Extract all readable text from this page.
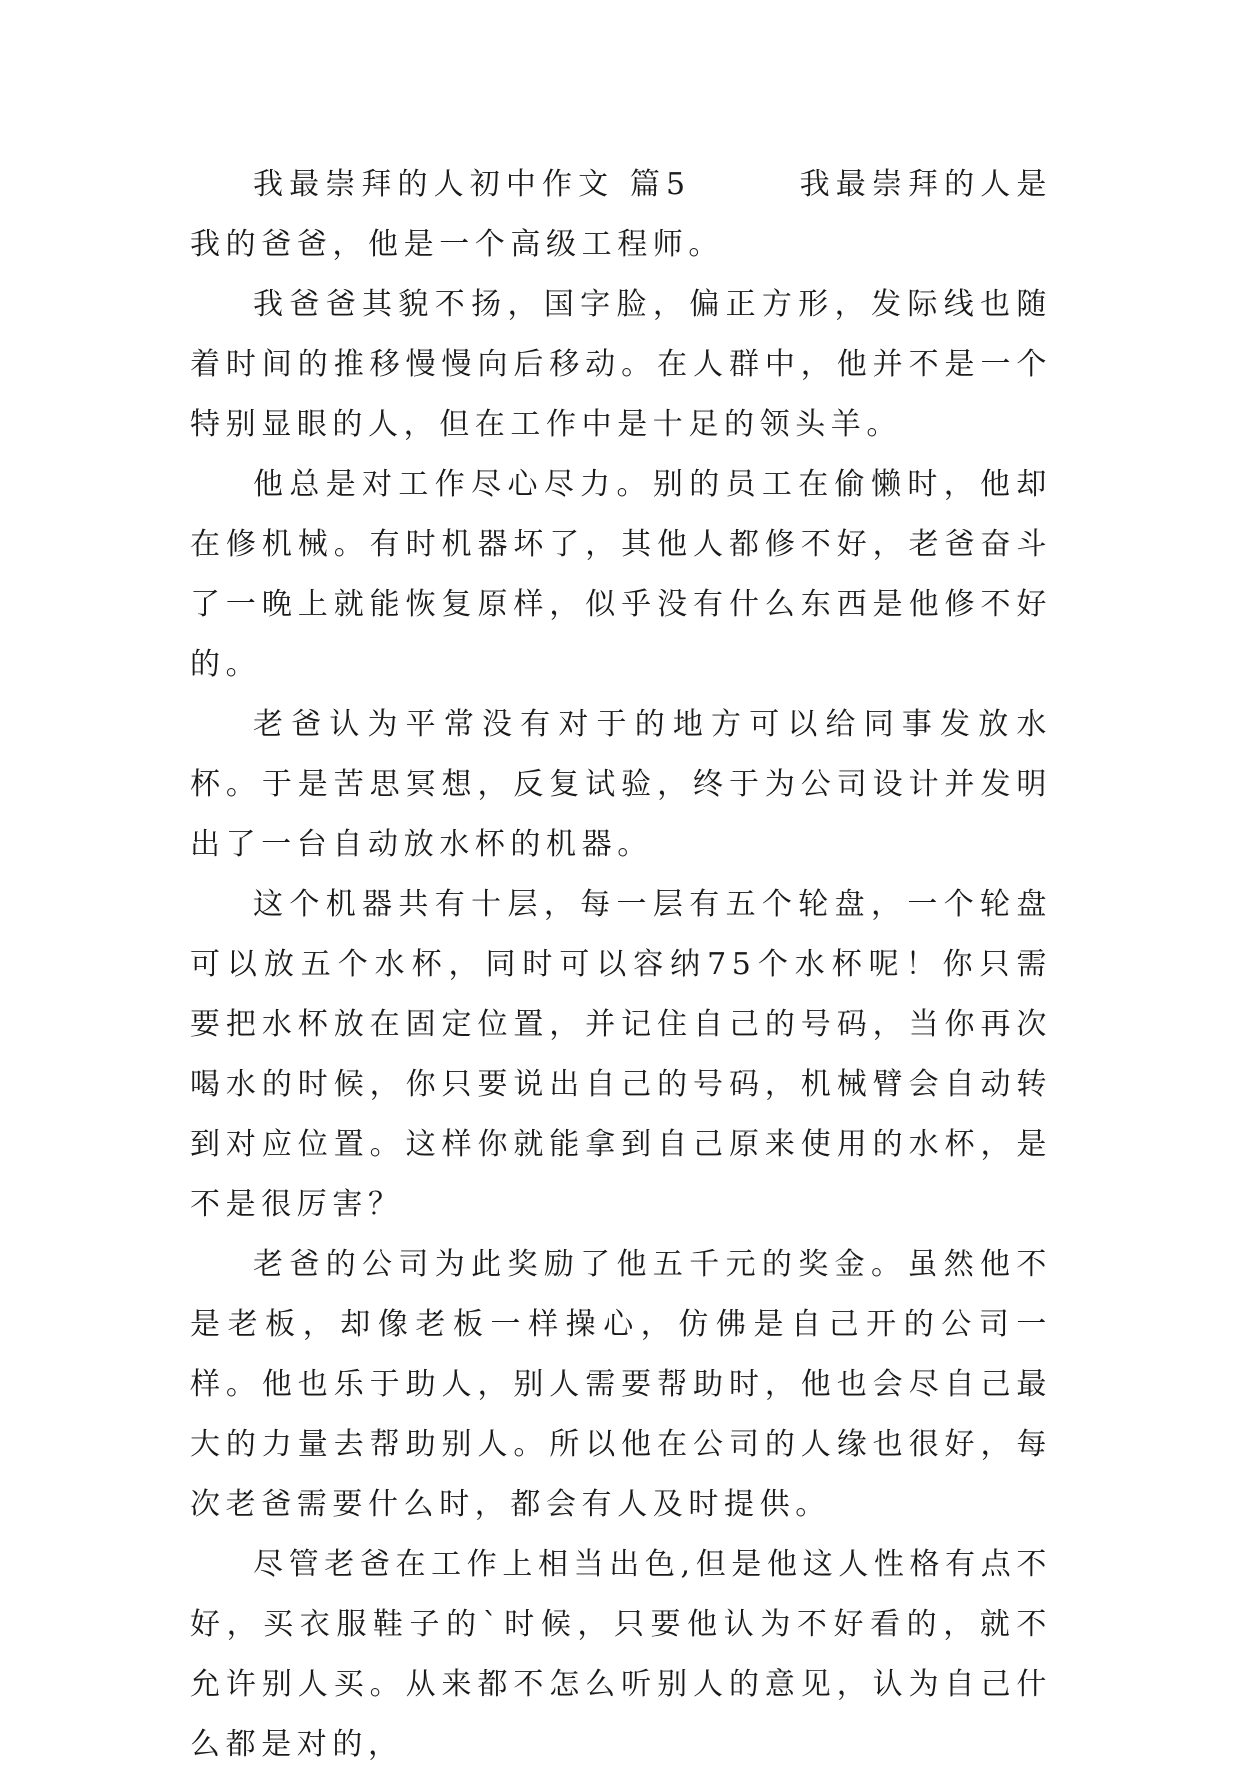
我最崇拜的人初中作文 篇5　　　	我最崇拜的人是我的爸爸，他是一个高级工程师。

我爸爸其貌不扬，国字脸，偏正方形，发际线也随着时间的推移慢慢向后移动。在人群中，他并不是一个特别显眼的人，但在工作中是十足的领头羊。

他总是对工作尽心尽力。别的员工在偷懒时，他却在修机械。有时机器坏了，其他人都修不好，老爸奋斗了一晚上就能恢复原样，似乎没有什么东西是他修不好的。

老爸认为平常没有对于的地方可以给同事发放水杯。于是苦思冥想，反复试验，终于为公司设计并发明出了一台自动放水杯的机器。

这个机器共有十层，每一层有五个轮盘，一个轮盘可以放五个水杯，同时可以容纳75个水杯呢！你只需要把水杯放在固定位置，并记住自己的号码，当你再次喝水的时候，你只要说出自己的号码，机械臂会自动转到对应位置。这样你就能拿到自己原来使用的水杯，是不是很厉害？

老爸的公司为此奖励了他五千元的奖金。虽然他不是老板，却像老板一样操心，仿佛是自己开的公司一样。他也乐于助人，别人需要帮助时，他也会尽自己最大的力量去帮助别人。所以他在公司的人缘也很好，每次老爸需要什么时，都会有人及时提供。

尽管老爸在工作上相当出色,但是他这人性格有点不好，买衣服鞋子的`时候，只要他认为不好看的，就不允许别人买。从来都不怎么听别人的意见，认为自己什么都是对的，
